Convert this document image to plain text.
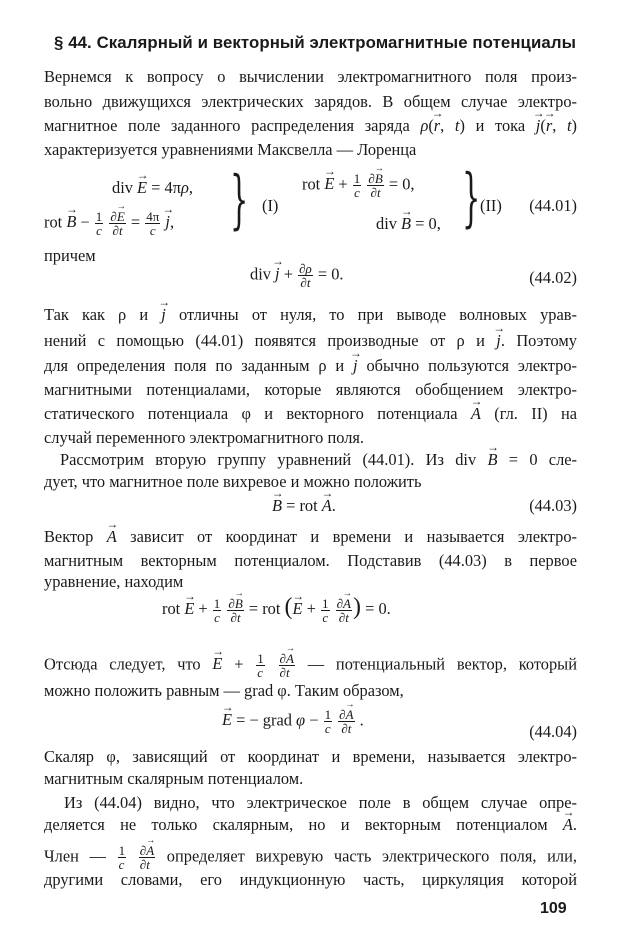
§ 44. Скалярный и векторный электромагнитные потенциалы
Вернемся к вопросу о вычислении электромагнитного поля произ-
вольно движущихся электрических зарядов. В общем случае электро-
магнитное поле заданного распределения заряда ρ(→ r, t) и тока → j(→ r, t)
характеризуется уравнениями Максвелла — Лоренца
div → E = 4πρ,
rot → $B - \frac{1}{c}$
$\frac{\partial\to E}{\partial t} = \frac{4\pi}{c}$
→ j, } (I)
rot → $E + \frac{1}{c}$
$\frac{\partial\to B}{\partial t} = 0$,
div → B = 0, } (II) (44.01)
причем
div → $j + \frac{\partial\rho}{\partial t} = 0$.	(44.02)
Так как ρ и → j отличны от нуля, то при выводе волновых урав-
нений с помощью (44.01) появятся производные от ρ и → j. Поэтому
для определения поля по заданным ρ и → j обычно пользуются электро-
магнитными потенциалами, которые являются обобщением электро-
статического потенциала φ и векторного потенциала → A (гл. II) на
случай переменного электромагнитного поля.
Рассмотрим вторую группу уравнений (44.01). Из div → B = 0 сле-
дует, что магнитное поле вихревое и можно положить
→ B = rot → A.	(44.03)
Вектор → A зависит от координат и времени и называется электро-
магнитным векторным потенциалом. Подставив (44.03) в первое
уравнение, находим
rot → $E + \frac{1}{c}$
$\frac{\partial\to B}{\partial t}$ = rot (→ $E + \frac{1}{c}$
$\frac{\partial\to A}{\partial t}$ ) = 0.
Отсюда следует, что → $E + \frac{1}{c}$
$\frac{\partial\to A}{\partial t}$ — потенциальный вектор, который
можно положить равным — grad φ. Таким образом,
→ E = − grad $\varphi - \frac{1}{c}$
$\frac{\partial\to A}{\partial t}$ .
(44.04)
Скаляр φ, зависящий от координат и времени, называется электро-
магнитным скалярным потенциалом.
Из (44.04) видно, что электрическое поле в общем случае опре-
деляется не только скалярным, но и векторным потенциалом → A.
Член — $\frac{1}{c}$
$\frac{\partial\to A}{\partial t}$ определяет вихревую часть электрического поля, или,
другими словами, его индукционную часть, циркуляция которой
109
